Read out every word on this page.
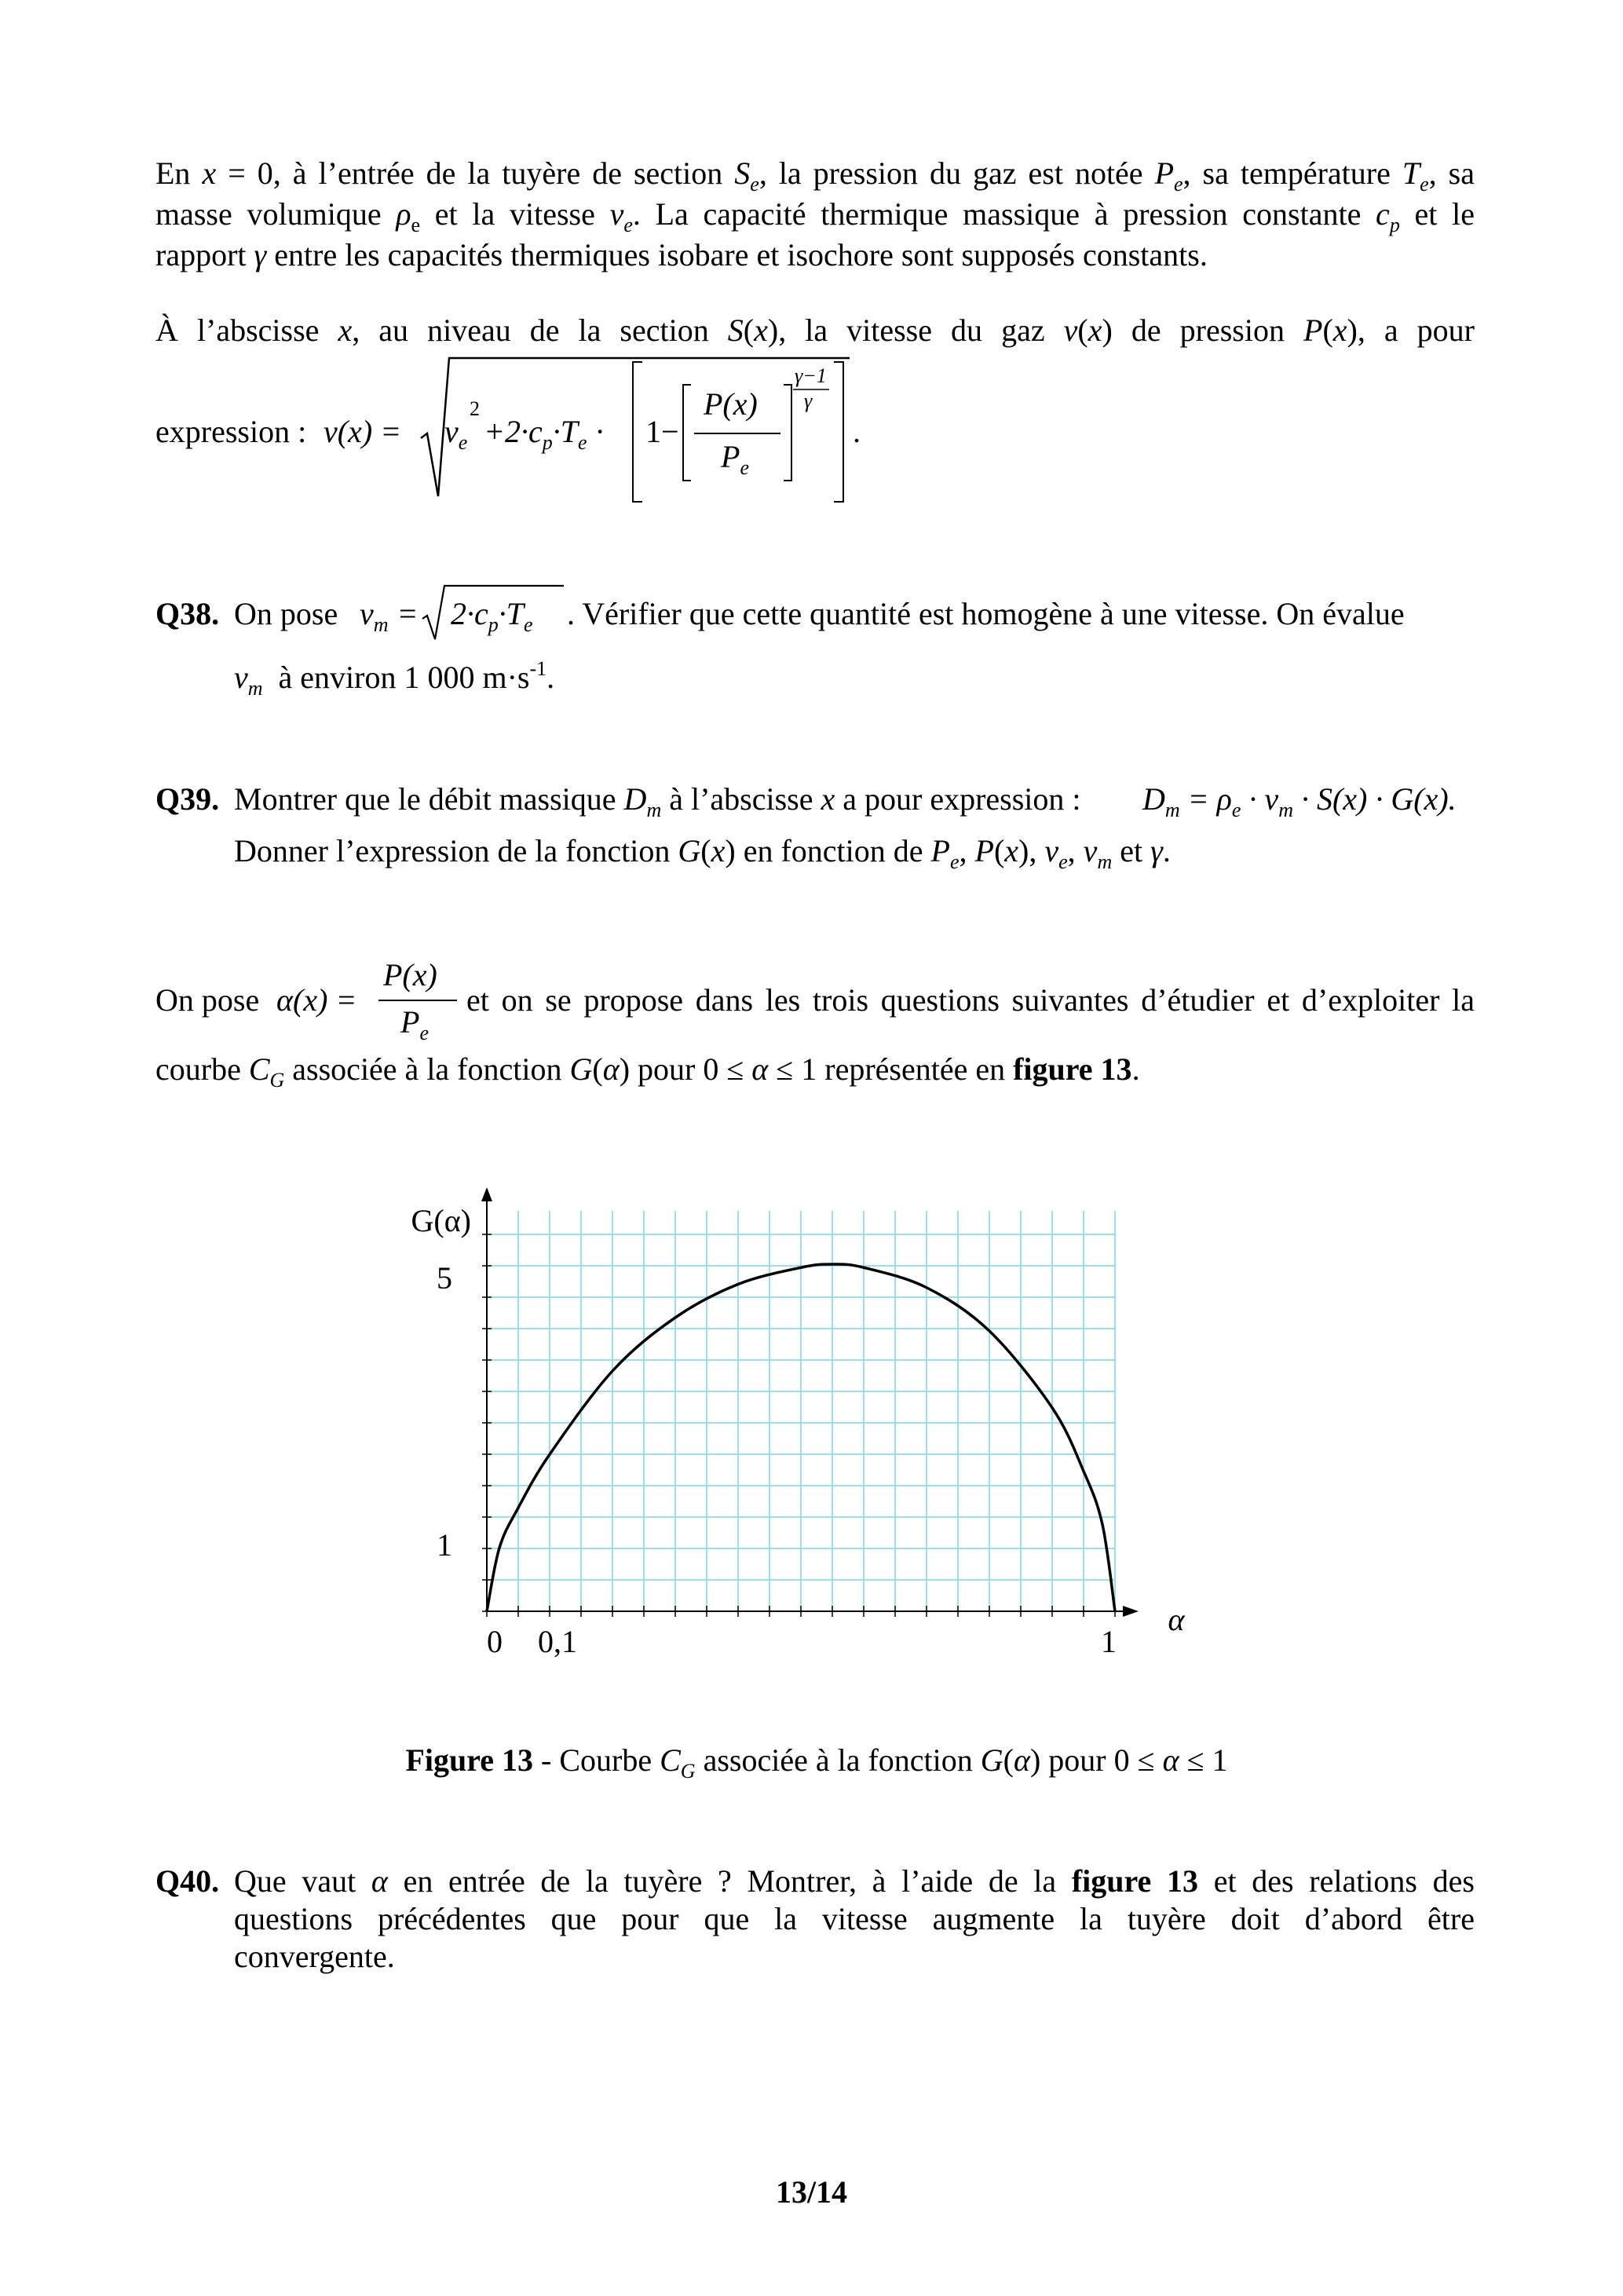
En x = 0, à l’entrée de la tuyère de section $S_e$, la pression du gaz est notée $P_e$, sa température $T_e$, sa
masse volumique $\rho_e$ et la vitesse $v_e$. La capacité thermique massique à pression constante $c_p$ et le
rapport γ entre les capacités thermiques isobare et isochore sont supposés constants.
À l’abscisse x, au niveau de la section S(x), la vitesse du gaz v(x) de pression P(x), a pour
expression : $v(x) = v_e$
2
$+2\cdot c_p\cdot T_e \cdot 1-$
P(x)
$P_e$
γ−1
γ
.
Q38. On pose $v_m = 2\cdot c_p\cdot T_e$ . Vérifier que cette quantité est homogène à une vitesse. On évalue
$v_m$ à environ 1 000 $m\cdot s^{-1}$.
Q39. Montrer que le débit massique $D_m$ à l’abscisse x a pour expression : $D_m = \rho_e \cdot v_m \cdot S(x) \cdot G(x)$.
Donner l’expression de la fonction G(x) en fonction de $P_e$, P(x), $v_e$, $v_m$ et γ.
On pose α(x) =
P(x)
$P_e$
et on se propose dans les trois questions suivantes d’étudier et d’exploiter la
courbe $C_G$ associée à la fonction G(α) pour 0 ≤ α ≤ 1 représentée en figure 13.
G(α)
α
0 0,1	1
1
5
Figure 13 - Courbe $C_G$ associée à la fonction G(α) pour 0 ≤ α ≤ 1
Q40. Que vaut α en entrée de la tuyère ? Montrer, à l’aide de la figure 13 et des relations des
questions précédentes que pour que la vitesse augmente la tuyère doit d’abord être
convergente.
13/14
